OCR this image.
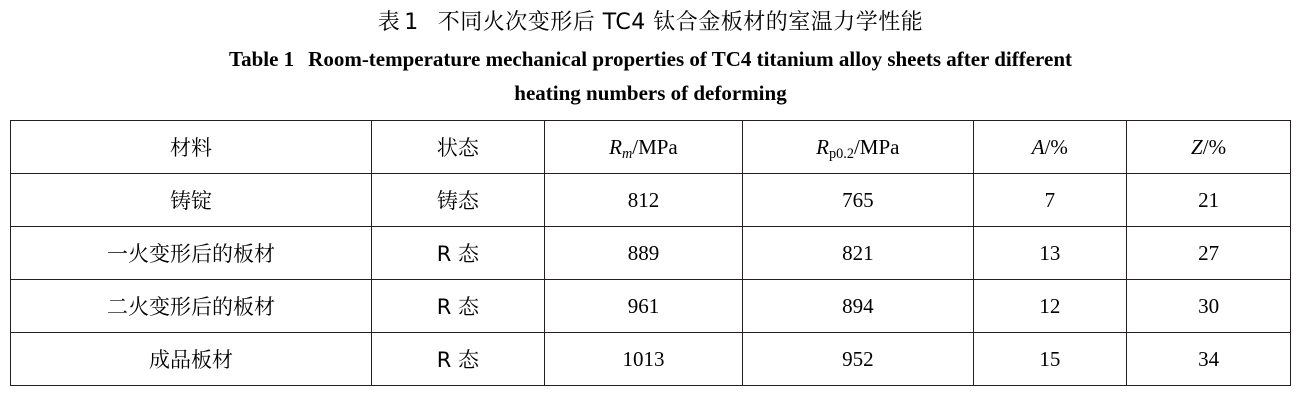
表 1 不同火次变形后 TC4 钛合金板材的室温力学性能
Table 1 Room-temperature mechanical properties of TC4 titanium alloy sheets after different
heating numbers of deforming
材料	状态	$R_m$/MPa	$R_{p0.2}$/MPa	A/%	Z/%
铸锭	铸态	812	765	7	21
一火变形后的板材	R 态	889	821	13	27
二火变形后的板材	R 态	961	894	12	30
成品板材	R 态	1013	952	15	34
